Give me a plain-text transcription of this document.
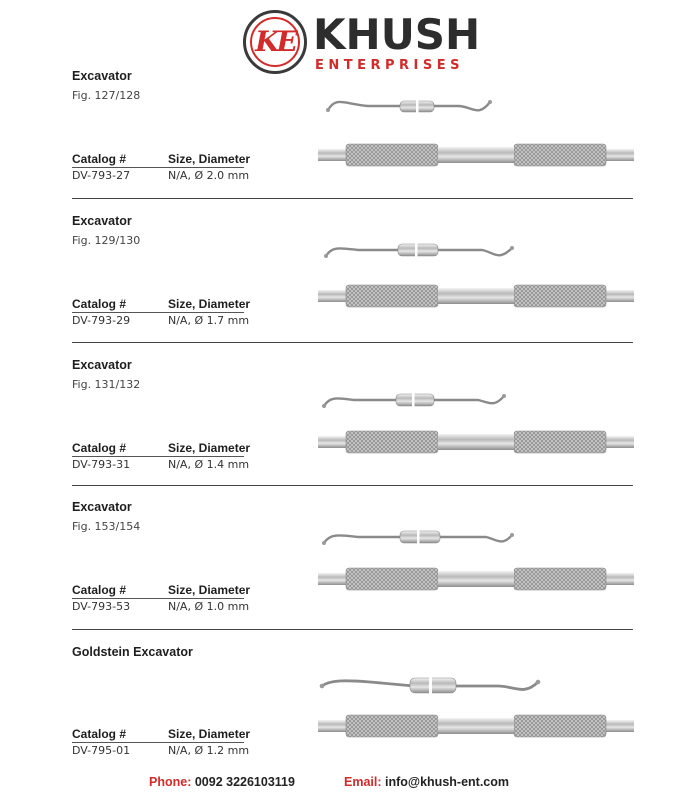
KE KHUSH
ENTERPRISES
Excavator
Fig. 127/128
Catalog #	Size, Diameter
DV-793-27	N/A, Ø 2.0 mm
Excavator
Fig. 129/130
Catalog #	Size, Diameter
DV-793-29	N/A, Ø 1.7 mm
Excavator
Fig. 131/132
Catalog #	Size, Diameter
DV-793-31	N/A, Ø 1.4 mm
Excavator
Fig. 153/154
Catalog #	Size, Diameter
DV-793-53	N/A, Ø 1.0 mm
Goldstein Excavator
Catalog #	Size, Diameter
DV-795-01	N/A, Ø 1.2 mm
Phone: 0092 3226103119	Email: info@khush-ent.com
